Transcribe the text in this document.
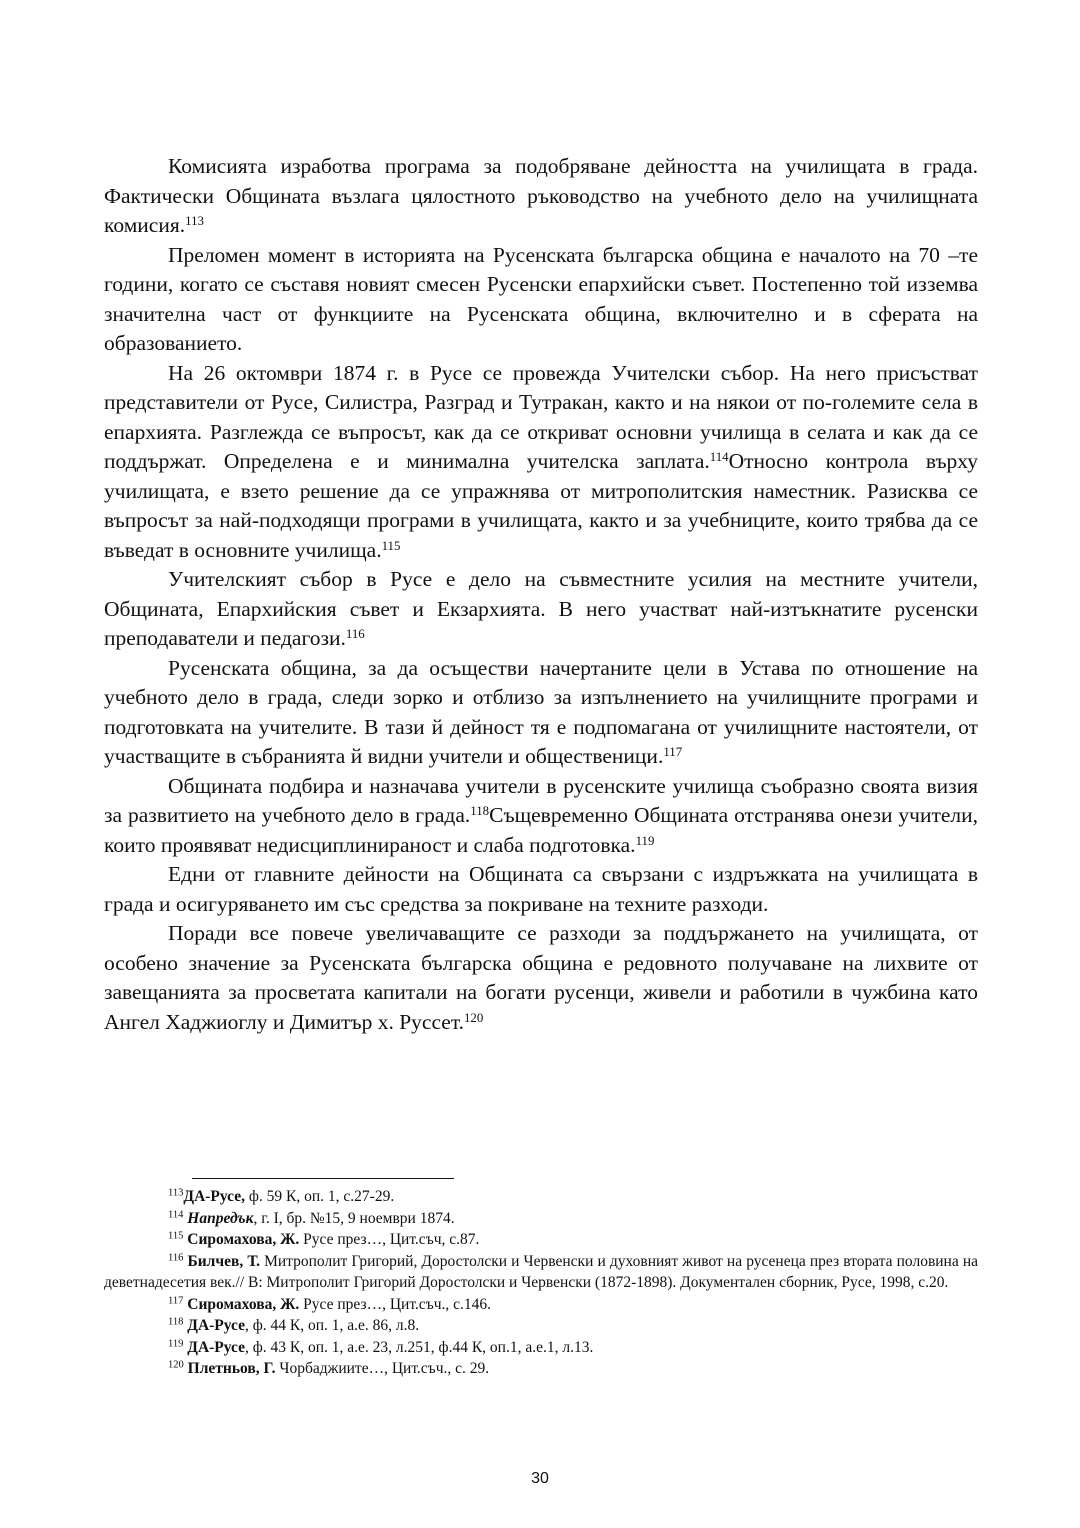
Комисията изработва програма за подобряване дейността на училищата в града. Фактически Общината възлага цялостното ръководство на учебното дело на училищната комисия.$^{113}$

Преломен момент в историята на Русенската българска община е началото на 70 –те години, когато се съставя новият смесен Русенски епархийски съвет. Постепенно той изземва значителна част от функциите на Русенската община, включително и в сферата на образованието.

На 26 октомври 1874 г. в Русе се провежда Учителски събор. На него присъстват представители от Русе, Силистра, Разград и Тутракан, както и на някои от по-големите села в епархията. Разглежда се въпросът, как да се откриват основни училища в селата и как да се поддържат. Определена е и минимална учителска заплата.$^{114}$Относно контрола върху училищата, е взето решение да се упражнява от митрополитския наместник. Разисква се въпросът за най-подходящи програми в училищата, както и за учебниците, които трябва да се въведат в основните училища.$^{115}$

Учителският събор в Русе е дело на съвместните усилия на местните учители, Общината, Епархийския съвет и Екзархията. В него участват най-изтъкнатите русенски преподаватели и педагози.$^{116}$

Русенската община, за да осъществи начертаните цели в Устава по отношение на учебното дело в града, следи зорко и отблизо за изпълнението на училищните програми и подготовката на учителите. В тази й дейност тя е подпомагана от училищните настоятели, от участващите в събранията й видни учители и общественици.$^{117}$

Общината подбира и назначава учители в русенските училища съобразно своята визия за развитието на учебното дело в града.$^{118}$Същевременно Общината отстранява онези учители, които проявяват недисциплинираност и слаба подготовка.$^{119}$

Едни от главните дейности на Общината са свързани с издръжката на училищата в града и осигуряването им със средства за покриване на техните разходи.

Поради все повече увеличаващите се разходи за поддържането на училищата, от особено значение за Русенската българска община е редовното получаване на лихвите от завещанията за просветата капитали на богати русенци, живели и работили в чужбина като Ангел Хаджиоглу и Димитър х. Руссет.$^{120}$

$^{113}$ДА-Русе, ф. 59 К, оп. 1, с.27-29.

$^{114}$ Напредък, г. I, бр. №15, 9 ноември 1874.

$^{115}$ Сиромахова, Ж. Русе през…, Цит.съч, с.87.

$^{116}$ Билчев, Т. Митрополит Григорий, Доростолски и Червенски и духовният живот на русенеца през втората половина на деветнадесетия век.// В: Митрополит Григорий Доростолски и Червенски (1872-1898). Документален сборник, Русе, 1998, с.20.

$^{117}$ Сиромахова, Ж. Русе през…, Цит.съч., с.146.

$^{118}$ ДА-Русе, ф. 44 К, оп. 1, а.е. 86, л.8.

$^{119}$ ДА-Русе, ф. 43 К, оп. 1, а.е. 23, л.251, ф.44 К, оп.1, а.е.1, л.13.

$^{120}$ Плетньов, Г. Чорбаджиите…, Цит.съч., с. 29.

30
